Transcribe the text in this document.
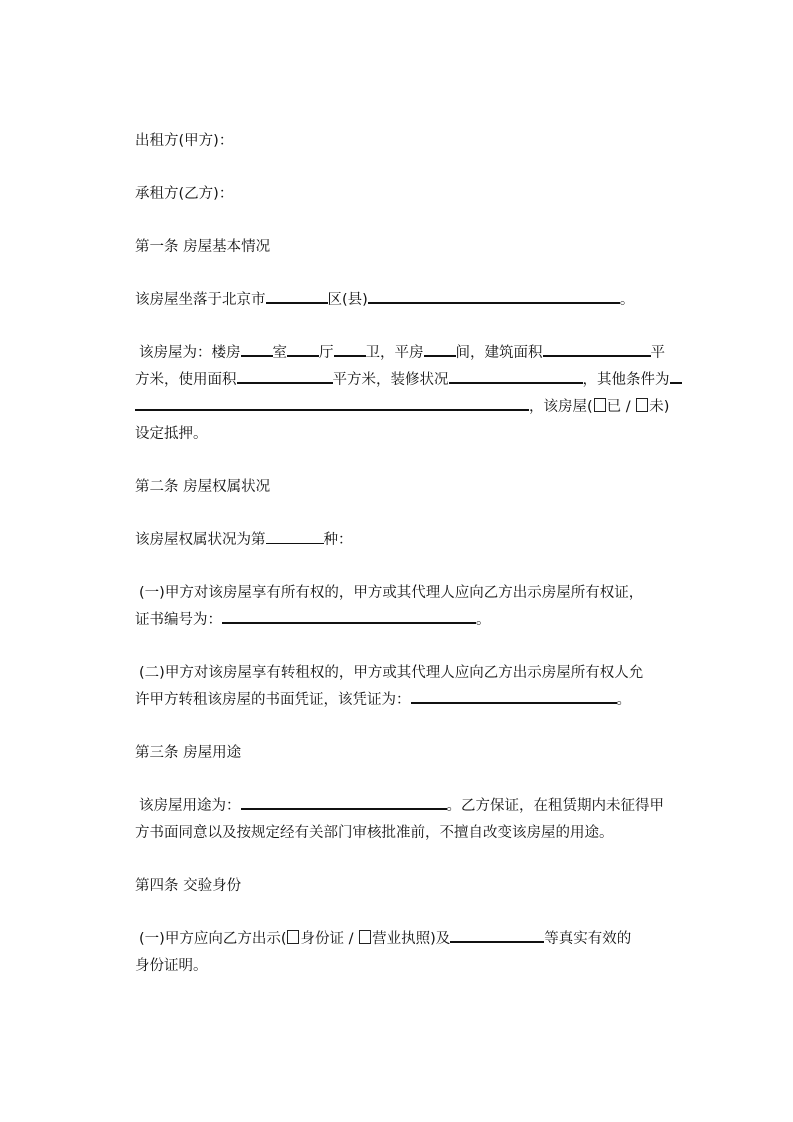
出租方(甲方)：
承租方(乙方)：
第一条 房屋基本情况
该房屋坐落于北京市	区(县)	。
该房屋为：楼房 室 厅 卫，平房 间，建筑面积	平
方米，使用面积	平方米，装修状况	，其他条件为
，该房屋( 已 / 未)
设定抵押。
第二条 房屋权属状况
该房屋权属状况为第	种：
(一)甲方对该房屋享有所有权的，甲方或其代理人应向乙方出示房屋所有权证，
证书编号为：	。
(二)甲方对该房屋享有转租权的，甲方或其代理人应向乙方出示房屋所有权人允
许甲方转租该房屋的书面凭证，该凭证为：	。
第三条 房屋用途
该房屋用途为：	。乙方保证，在租赁期内未征得甲
方书面同意以及按规定经有关部门审核批准前，不擅自改变该房屋的用途。
第四条 交验身份
(一)甲方应向乙方出示( 身份证 / 营业执照)及	等真实有效的
身份证明。
